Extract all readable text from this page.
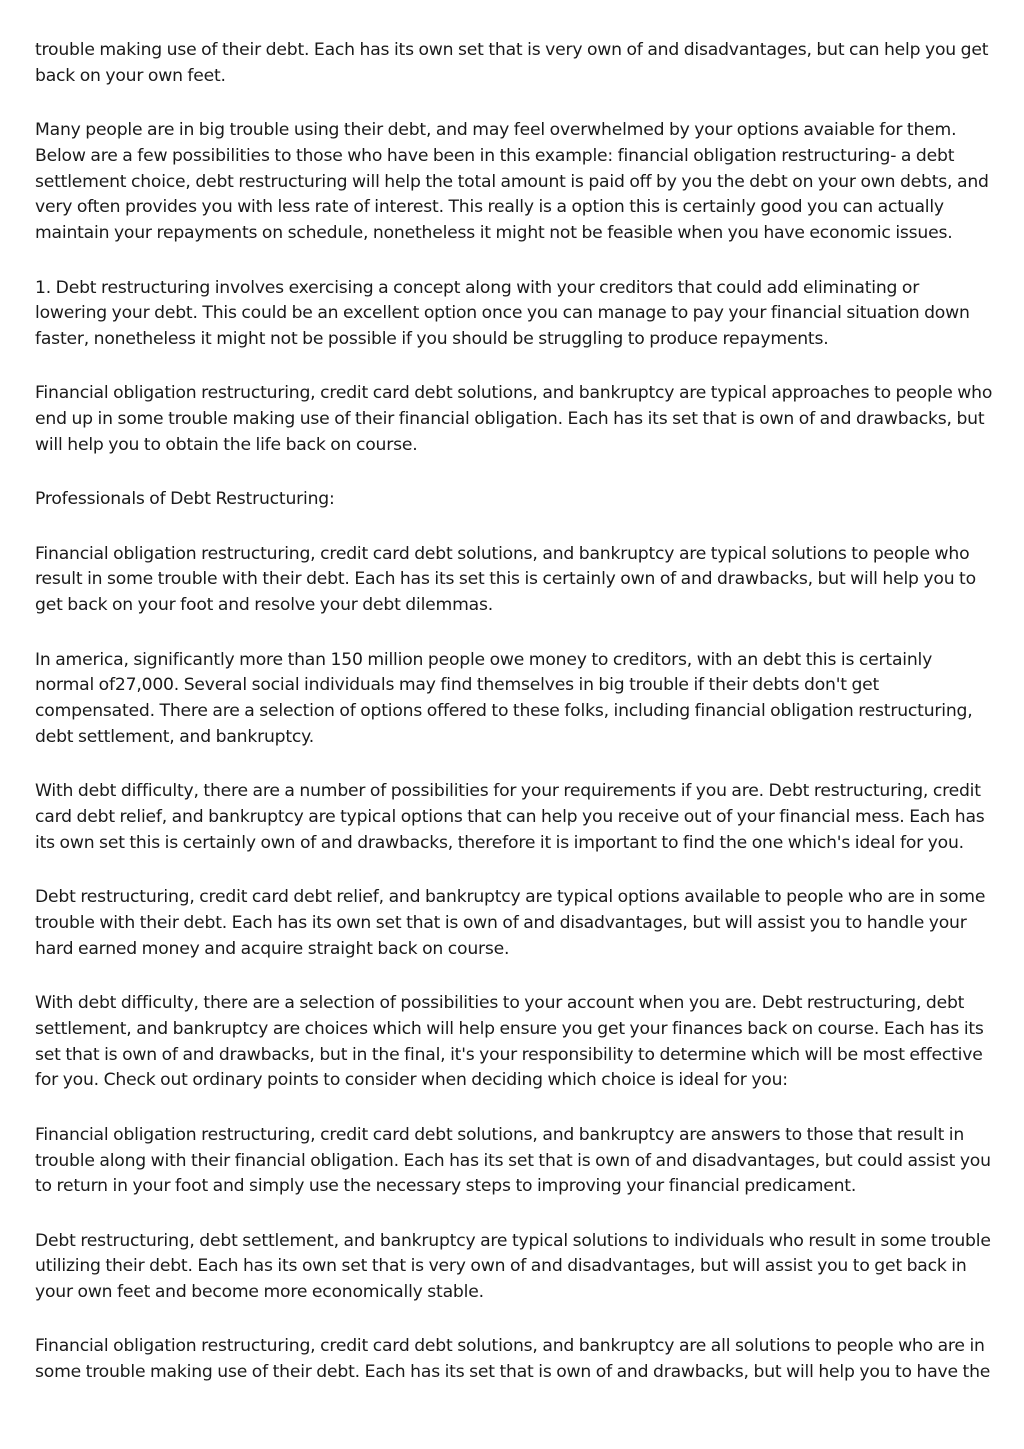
trouble making use of their debt. Each has its own set that is very own of and disadvantages, but can help you get back on your own feet.

Many people are in big trouble using their debt, and may feel overwhelmed by your options avaiable for them. Below are a few possibilities to those who have been in this example: financial obligation restructuring- a debt settlement choice, debt restructuring will help the total amount is paid off by you the debt on your own debts, and very often provides you with less rate of interest. This really is a option this is certainly good you can actually maintain your repayments on schedule, nonetheless it might not be feasible when you have economic issues.

1. Debt restructuring involves exercising a concept along with your creditors that could add eliminating or lowering your debt. This could be an excellent option once you can manage to pay your financial situation down faster, nonetheless it might not be possible if you should be struggling to produce repayments.

Financial obligation restructuring, credit card debt solutions, and bankruptcy are typical approaches to people who end up in some trouble making use of their financial obligation. Each has its set that is own of and drawbacks, but will help you to obtain the life back on course.

Professionals of Debt Restructuring:

Financial obligation restructuring, credit card debt solutions, and bankruptcy are typical solutions to people who result in some trouble with their debt. Each has its set this is certainly own of and drawbacks, but will help you to get back on your foot and resolve your debt dilemmas.

In america, significantly more than 150 million people owe money to creditors, with an debt this is certainly normal of27,000. Several social individuals may find themselves in big trouble if their debts don't get compensated. There are a selection of options offered to these folks, including financial obligation restructuring, debt settlement, and bankruptcy.

With debt difficulty, there are a number of possibilities for your requirements if you are. Debt restructuring, credit card debt relief, and bankruptcy are typical options that can help you receive out of your financial mess. Each has its own set this is certainly own of and drawbacks, therefore it is important to find the one which's ideal for you.

Debt restructuring, credit card debt relief, and bankruptcy are typical options available to people who are in some trouble with their debt. Each has its own set that is own of and disadvantages, but will assist you to handle your hard earned money and acquire straight back on course.

With debt difficulty, there are a selection of possibilities to your account when you are. Debt restructuring, debt settlement, and bankruptcy are choices which will help ensure you get your finances back on course. Each has its set that is own of and drawbacks, but in the final, it's your responsibility to determine which will be most effective for you. Check out ordinary points to consider when deciding which choice is ideal for you:

Financial obligation restructuring, credit card debt solutions, and bankruptcy are answers to those that result in trouble along with their financial obligation. Each has its set that is own of and disadvantages, but could assist you to return in your foot and simply use the necessary steps to improving your financial predicament.

Debt restructuring, debt settlement, and bankruptcy are typical solutions to individuals who result in some trouble utilizing their debt. Each has its own set that is very own of and disadvantages, but will assist you to get back in your own feet and become more economically stable.

Financial obligation restructuring, credit card debt solutions, and bankruptcy are all solutions to people who are in some trouble making use of their debt. Each has its set that is own of and drawbacks, but will help you to have the
